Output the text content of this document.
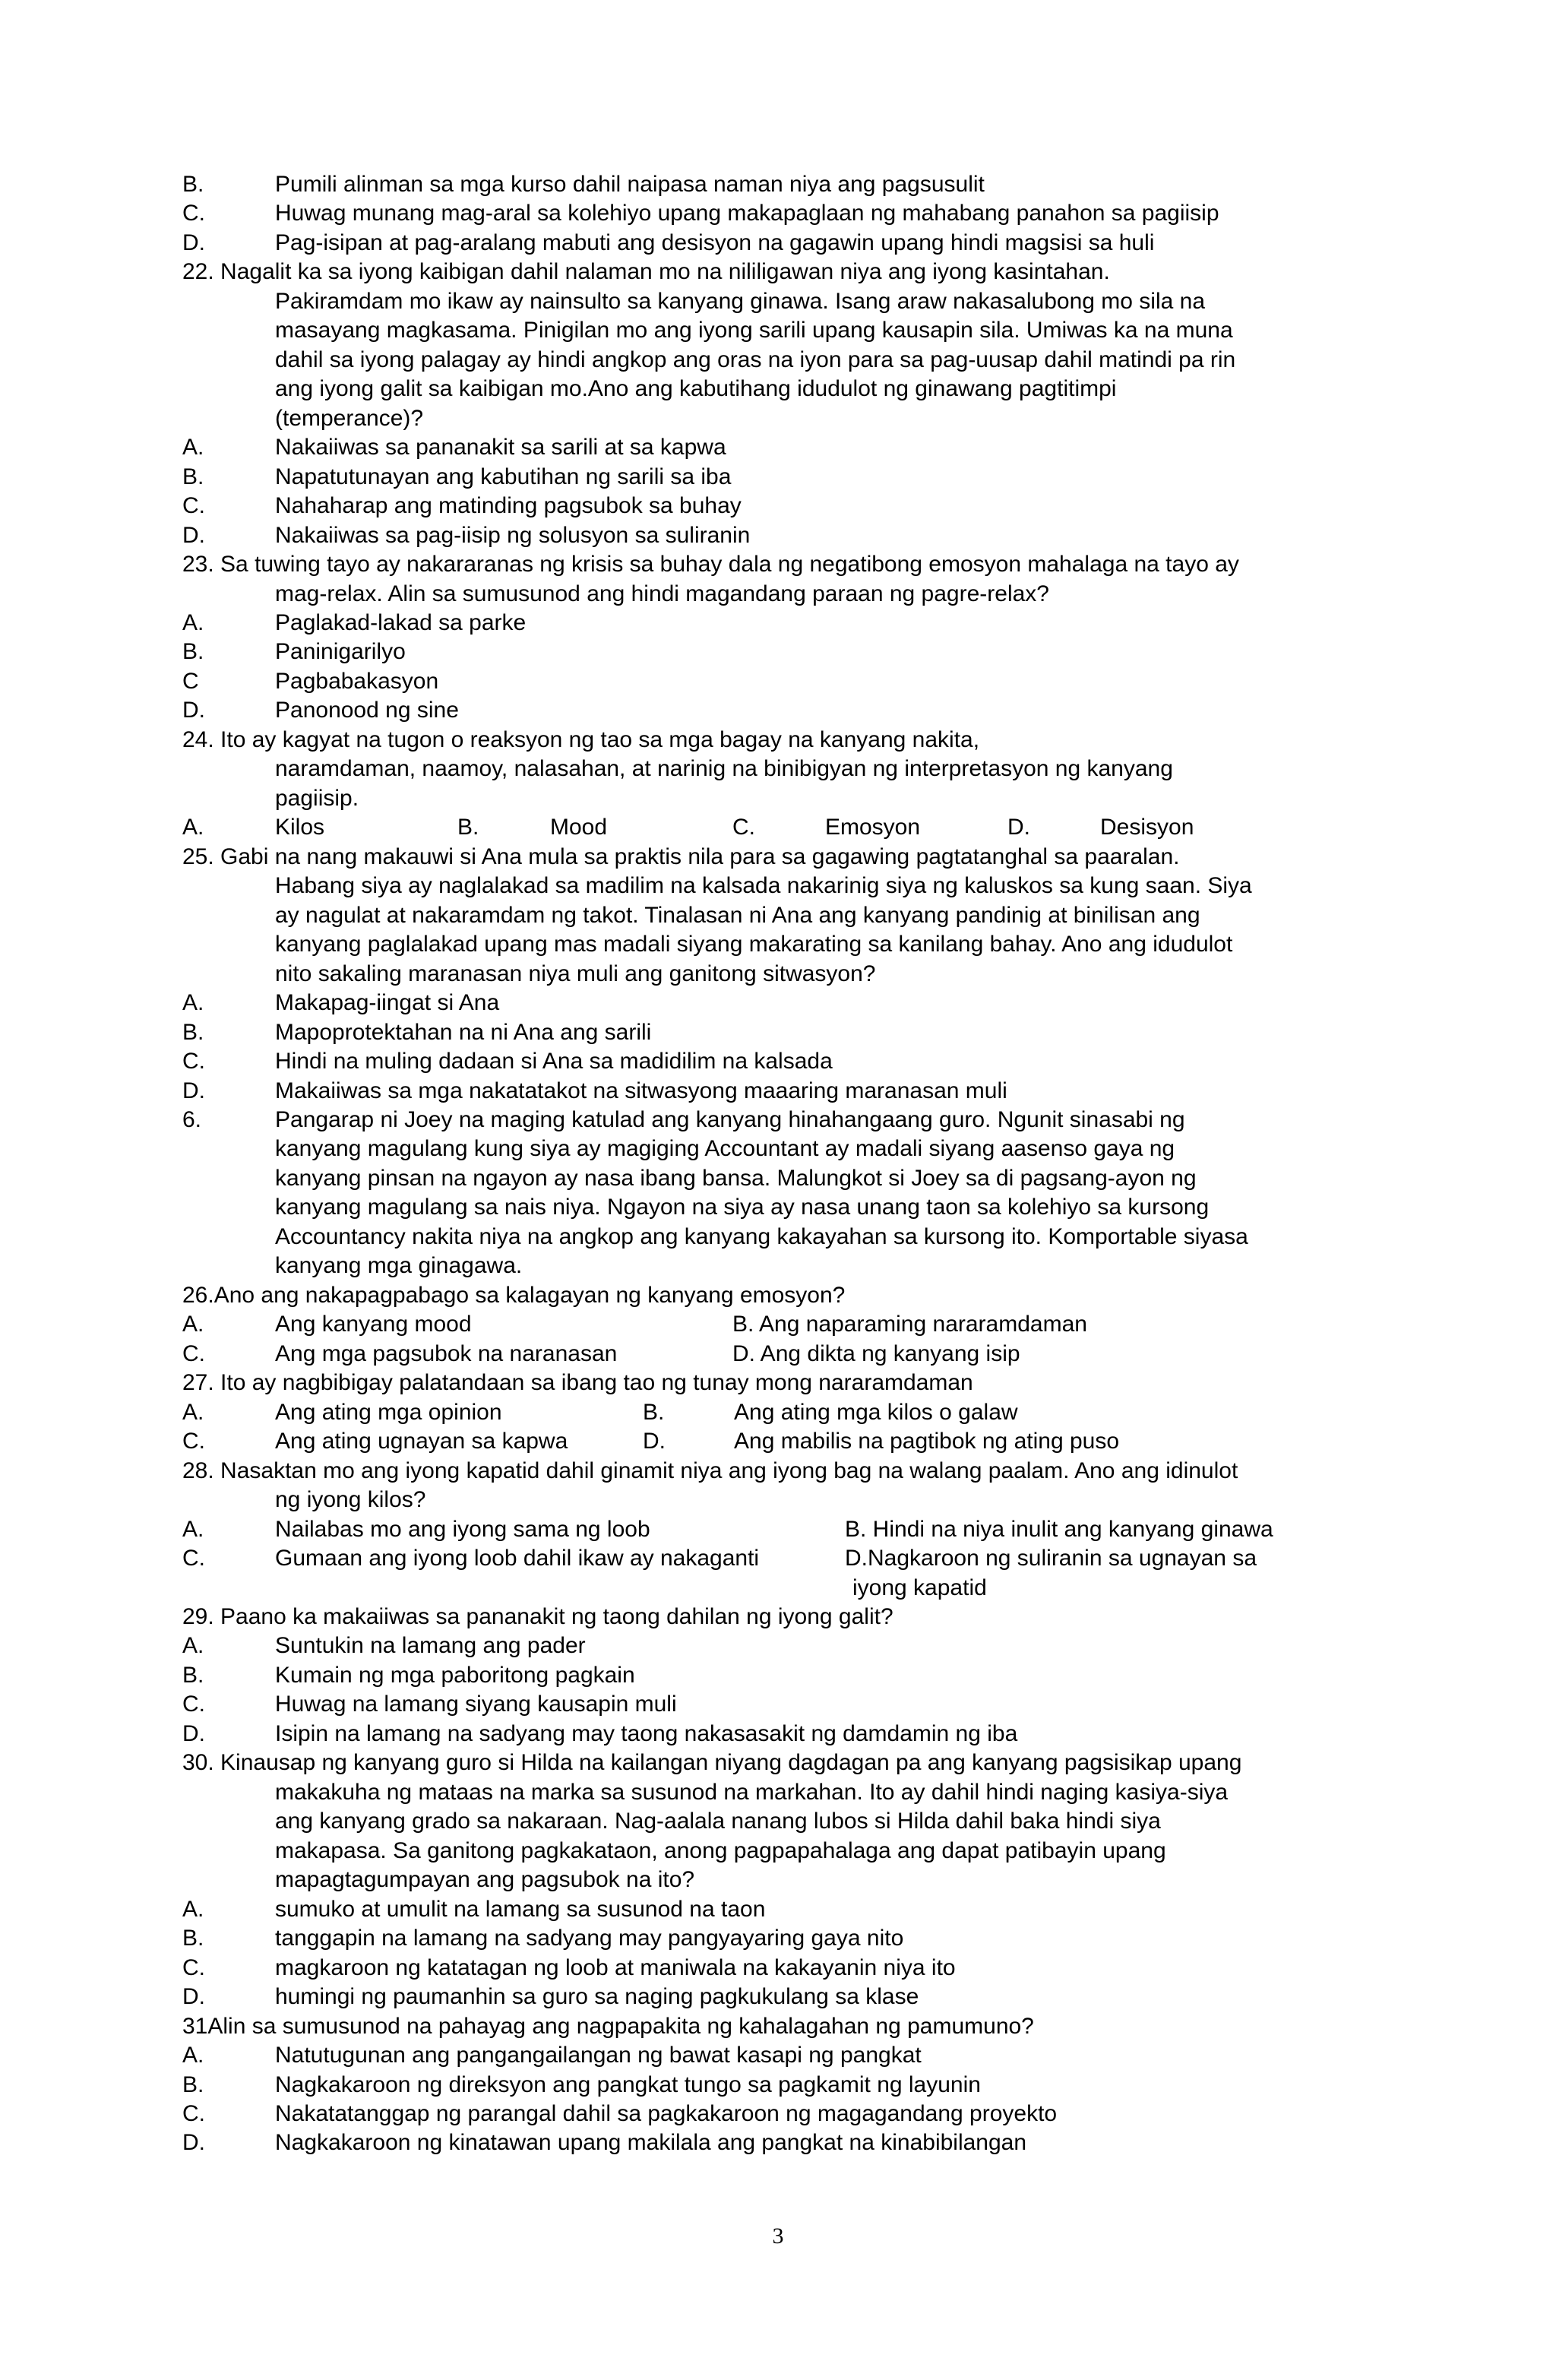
B.	Pumili alinman sa mga kurso dahil naipasa naman niya ang pagsusulit
C.	Huwag munang mag-aral sa kolehiyo upang makapaglaan ng mahabang panahon sa pagiisip
D.	Pag-isipan at pag-aralang mabuti ang desisyon na gagawin upang hindi magsisi sa huli
22. Nagalit ka sa iyong kaibigan dahil nalaman mo na nililigawan niya ang iyong kasintahan.
Pakiramdam mo ikaw ay nainsulto sa kanyang ginawa. Isang araw nakasalubong mo sila na
masayang magkasama. Pinigilan mo ang iyong sarili upang kausapin sila. Umiwas ka na muna
dahil sa iyong palagay ay hindi angkop ang oras na iyon para sa pag-uusap dahil matindi pa rin
ang iyong galit sa kaibigan mo.Ano ang kabutihang idudulot ng ginawang pagtitimpi
(temperance)?
A.	Nakaiiwas sa pananakit sa sarili at sa kapwa
B.	Napatutunayan ang kabutihan ng sarili sa iba
C.	Nahaharap ang matinding pagsubok sa buhay
D.	Nakaiiwas sa pag-iisip ng solusyon sa suliranin
23. Sa tuwing tayo ay nakararanas ng krisis sa buhay dala ng negatibong emosyon mahalaga na tayo ay
mag-relax. Alin sa sumusunod ang hindi magandang paraan ng pagre-relax?
A.	Paglakad-lakad sa parke
B.	Paninigarilyo
C	Pagbabakasyon
D.	Panonood ng sine
24. Ito ay kagyat na tugon o reaksyon ng tao sa mga bagay na kanyang nakita,
naramdaman, naamoy, nalasahan, at narinig na binibigyan ng interpretasyon ng kanyang
pagiisip.
A.	Kilos	B.	Mood	C.	Emosyon	D.	Desisyon
25. Gabi na nang makauwi si Ana mula sa praktis nila para sa gagawing pagtatanghal sa paaralan.
Habang siya ay naglalakad sa madilim na kalsada nakarinig siya ng kaluskos sa kung saan. Siya
ay nagulat at nakaramdam ng takot. Tinalasan ni Ana ang kanyang pandinig at binilisan ang
kanyang paglalakad upang mas madali siyang makarating sa kanilang bahay. Ano ang idudulot
nito sakaling maranasan niya muli ang ganitong sitwasyon?
A.	Makapag-iingat si Ana
B.	Mapoprotektahan na ni Ana ang sarili
C.	Hindi na muling dadaan si Ana sa madidilim na kalsada
D.	Makaiiwas sa mga nakatatakot na sitwasyong maaaring maranasan muli
6.	Pangarap ni Joey na maging katulad ang kanyang hinahangaang guro. Ngunit sinasabi ng
kanyang magulang kung siya ay magiging Accountant ay madali siyang aasenso gaya ng
kanyang pinsan na ngayon ay nasa ibang bansa. Malungkot si Joey sa di pagsang-ayon ng
kanyang magulang sa nais niya. Ngayon na siya ay nasa unang taon sa kolehiyo sa kursong
Accountancy nakita niya na angkop ang kanyang kakayahan sa kursong ito. Komportable siyasa
kanyang mga ginagawa.
26.Ano ang nakapagpabago sa kalagayan ng kanyang emosyon?
A.	Ang kanyang mood	B. Ang naparaming nararamdaman
C.	Ang mga pagsubok na naranasan	D. Ang dikta ng kanyang isip
27. Ito ay nagbibigay palatandaan sa ibang tao ng tunay mong nararamdaman
A.	Ang ating mga opinion	B.	Ang ating mga kilos o galaw
C.	Ang ating ugnayan sa kapwa	D.	Ang mabilis na pagtibok ng ating puso
28. Nasaktan mo ang iyong kapatid dahil ginamit niya ang iyong bag na walang paalam. Ano ang idinulot
ng iyong kilos?
A.	Nailabas mo ang iyong sama ng loob	B. Hindi na niya inulit ang kanyang ginawa
C.	Gumaan ang iyong loob dahil ikaw ay nakaganti	D.Nagkaroon ng suliranin sa ugnayan sa
iyong kapatid
29. Paano ka makaiiwas sa pananakit ng taong dahilan ng iyong galit?
A.	Suntukin na lamang ang pader
B.	Kumain ng mga paboritong pagkain
C.	Huwag na lamang siyang kausapin muli
D.	Isipin na lamang na sadyang may taong nakasasakit ng damdamin ng iba
30. Kinausap ng kanyang guro si Hilda na kailangan niyang dagdagan pa ang kanyang pagsisikap upang
makakuha ng mataas na marka sa susunod na markahan. Ito ay dahil hindi naging kasiya-siya
ang kanyang grado sa nakaraan. Nag-aalala nanang lubos si Hilda dahil baka hindi siya
makapasa. Sa ganitong pagkakataon, anong pagpapahalaga ang dapat patibayin upang
mapagtagumpayan ang pagsubok na ito?
A.	sumuko at umulit na lamang sa susunod na taon
B.	tanggapin na lamang na sadyang may pangyayaring gaya nito
C.	magkaroon ng katatagan ng loob at maniwala na kakayanin niya ito
D.	humingi ng paumanhin sa guro sa naging pagkukulang sa klase
31Alin sa sumusunod na pahayag ang nagpapakita ng kahalagahan ng pamumuno?
A.	Natutugunan ang pangangailangan ng bawat kasapi ng pangkat
B.	Nagkakaroon ng direksyon ang pangkat tungo sa pagkamit ng layunin
C.	Nakatatanggap ng parangal dahil sa pagkakaroon ng magagandang proyekto
D.	Nagkakaroon ng kinatawan upang makilala ang pangkat na kinabibilangan
3
